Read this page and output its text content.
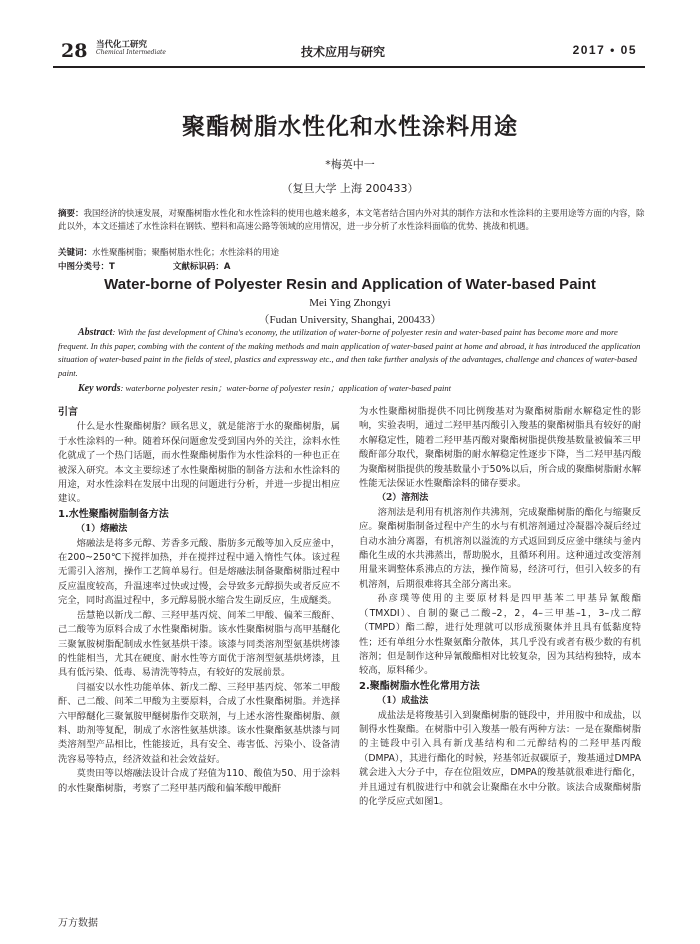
28 当代化工研究
Chemical Intermediate	技术应用与研究	2017 • 05
聚酯树脂水性化和水性涂料用途
*梅英中一
（复旦大学 上海 200433）
摘要：我国经济的快速发展，对聚酯树脂水性化和水性涂料的使用也越来越多，本文笔者结合国内外对其的制作方法和水性涂料的主要用途等方面的内容，除此以外，本文还描述了水性涂料在钢铁、塑料和高速公路等领域的应用情况，进一步分析了水性涂料面临的优势、挑战和机遇。
关键词：水性聚酯树脂；聚酯树脂水性化；水性涂料的用途
中图分类号：T	文献标识码：A
Water-borne of Polyester Resin and Application of Water-based Paint
Mei Ying Zhongyi
（Fudan University, Shanghai, 200433）
Abstract: With the fast development of China's economy, the utilization of water-borne of polyester resin and water-based paint has become more and more frequent. In this paper, combing with the content of the making methods and main application of water-based paint at home and abroad, it has introduced the application situation of water-based paint in the fields of steel, plastics and expressway etc., and then take further analysis of the advantages, challenge and chances of water-based paint.
Key words: waterborne polyester resin；water-borne of polyester resin；application of water-based paint
引言

什么是水性聚酯树脂？顾名思义，就是能溶于水的聚酯树脂，属于水性涂料的一种。随着环保问题愈发受到国内外的关注，涂料水性化就成了一个热门话题，而水性聚酯树脂作为水性涂料的一种也正在被深入研究。本文主要综述了水性聚酯树脂的制备方法和水性涂料的用途，对水性涂料在发展中出现的问题进行分析，并进一步提出相应建议。

1.水性聚酯树脂制备方法
（1）熔融法

熔融法是将多元醇、芳香多元酸、脂肪多元酸等加入反应釜中，在200~250℃下搅拌加热，并在搅拌过程中通入惰性气体。该过程无需引入溶剂，操作工艺简单易行。但是熔融法制备聚酯树脂过程中反应温度较高，升温速率过快或过慢，会导致多元醇损失或者反应不完全，同时高温过程中，多元醇易脱水缩合发生副反应，生成醚类。

岳慧艳以新戊二醇、三羟甲基丙烷、间苯二甲酸、偏苯三酸酐、己二酸等为原料合成了水性聚酯树脂。该水性聚酯树脂与高甲基醚化三聚氰胺树脂配制成水性氨基烘干漆。该漆与同类溶剂型氨基烘烤漆的性能相当，尤其在硬度、耐水性等方面优于溶剂型氨基烘烤漆，且具有低污染、低毒、易清洗等特点，有较好的发展前景。

闫福安以水性功能单体、新戊二醇、三羟甲基丙烷、邻苯二甲酸酐、己二酸、间苯二甲酸为主要原料，合成了水性聚酯树脂。并选择六甲醇醚化三聚氰胺甲醚树脂作交联剂，与上述水溶性聚酯树脂、颜料、助剂等复配，制成了水溶性氨基烘漆。该水性聚酯氨基烘漆与同类溶剂型产品相比，性能接近，具有安全、毒害低、污染小、设备清洗容易等特点，经济效益和社会效益好。

莫贵田等以熔融法设计合成了羟值为110、酸值为50、用于涂料的水性聚酯树脂，考察了二羟甲基丙酸和偏苯酸甲酸酐

为水性聚酯树脂提供不同比例羧基对为聚酯树脂耐水解稳定性的影响，实验表明，通过二羟甲基丙酸引入羧基的聚酯树脂具有较好的耐水解稳定性，随着二羟甲基丙酸对聚酯树脂提供羧基数量被偏苯三甲酸酐部分取代，聚酯树脂的耐水解稳定性逐步下降，当二羟甲基丙酸为聚酯树脂提供的羧基数量小于50%以后，所合成的聚酯树脂耐水解性能无法保证水性聚酯涂料的储存要求。

（2）溶剂法

溶剂法是利用有机溶剂作共沸剂，完成聚酯树脂的酯化与缩聚反应。聚酯树脂制备过程中产生的水与有机溶剂通过冷凝器冷凝后经过自动水油分离器，有机溶剂以溢流的方式返回到反应釜中继续与釜内酯化生成的水共沸蒸出，帮助脱水，且循环利用。这种通过改变溶剂用量来调整体系沸点的方法，操作简易，经济可行，但引入较多的有机溶剂，后期很难将其全部分离出来。

孙彦璞等使用的主要原材料是四甲基苯二甲基异氰酸酯（TMXDI）、自制的聚己二酸–2，2，4–三甲基–1，3–戊二醇（TMPD）酯二醇，进行处理就可以形成预聚体并且具有低黏度特性；还有单组分水性聚氨酯分散体，其几乎没有或者有极少数的有机溶剂；但是制作这种异氰酸酯相对比较复杂，因为其结构独特，成本较高，原料稀少。

2.聚酯树脂水性化常用方法
（1）成盐法

成盐法是将羧基引入到聚酯树脂的链段中，并用胺中和成盐，以制得水性聚酯。在树脂中引入羧基一般有两种方法：一是在聚酯树脂的主链段中引入具有新戊基结构和二元醇结构的二羟甲基丙酸（DMPA），其进行酯化的时候，羟基邻近叔碳原子，羧基通过DMPA就会进入大分子中，存在位阻效应，DMPA的羧基就很难进行酯化，并且通过有机胺进行中和就会让聚酯在水中分散。该法合成聚酯树脂的化学反应式如图1。

万方数据
